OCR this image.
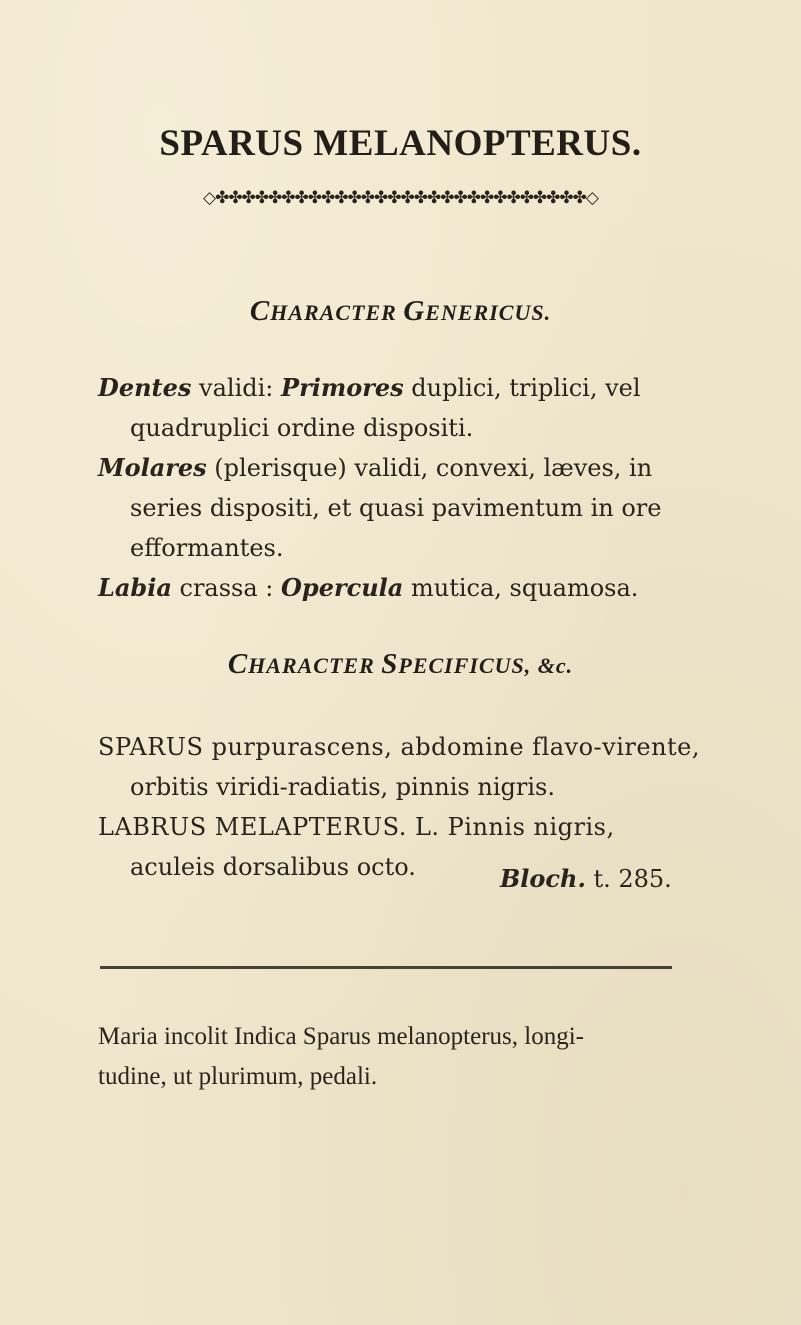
SPARUS MELANOPTERUS.
◇✤✤✤✤✤✤✤✤✤✤✤✤✤✤✤✤✤✤✤✤✤✤✤✤✤✤✤✤◇
CHARACTER GENERICUS.
Dentes validi: Primores duplici, triplici, vel
quadruplici ordine dispositi.
Molares (plerisque) validi, convexi, læves, in
series dispositi, et quasi pavimentum in ore
efformantes.
Labia crassa : Opercula mutica, squamosa.
CHARACTER SPECIFICUS, &c.
SPARUS purpurascens, abdomine flavo-virente,
orbitis viridi-radiatis, pinnis nigris.
LABRUS MELAPTERUS. L. Pinnis nigris,
aculeis dorsalibus octo.	Bloch. t. 285.
Maria incolit Indica Sparus melanopterus, longi-
tudine, ut plurimum, pedali.
